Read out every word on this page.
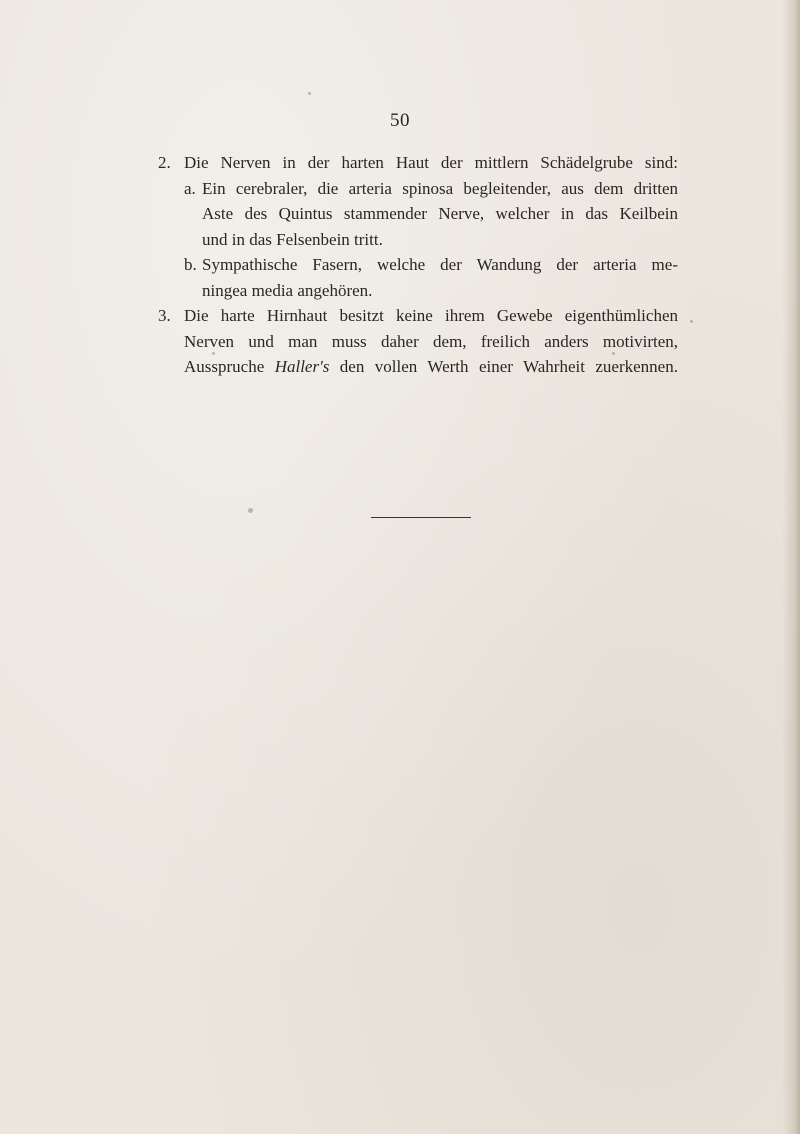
50
2. Die Nerven in der harten Haut der mittlern Schädelgrube sind:
a. Ein cerebraler, die arteria spinosa begleitender, aus dem dritten
Aste des Quintus stammender Nerve, welcher in das Keilbein
und in das Felsenbein tritt.
b. Sympathische Fasern, welche der Wandung der arteria me-
ningea media angehören.
3. Die harte Hirnhaut besitzt keine ihrem Gewebe eigenthümlichen
Nerven und man muss daher dem, freilich anders motivirten,
Ausspruche Haller's den vollen Werth einer Wahrheit zuerkennen.
